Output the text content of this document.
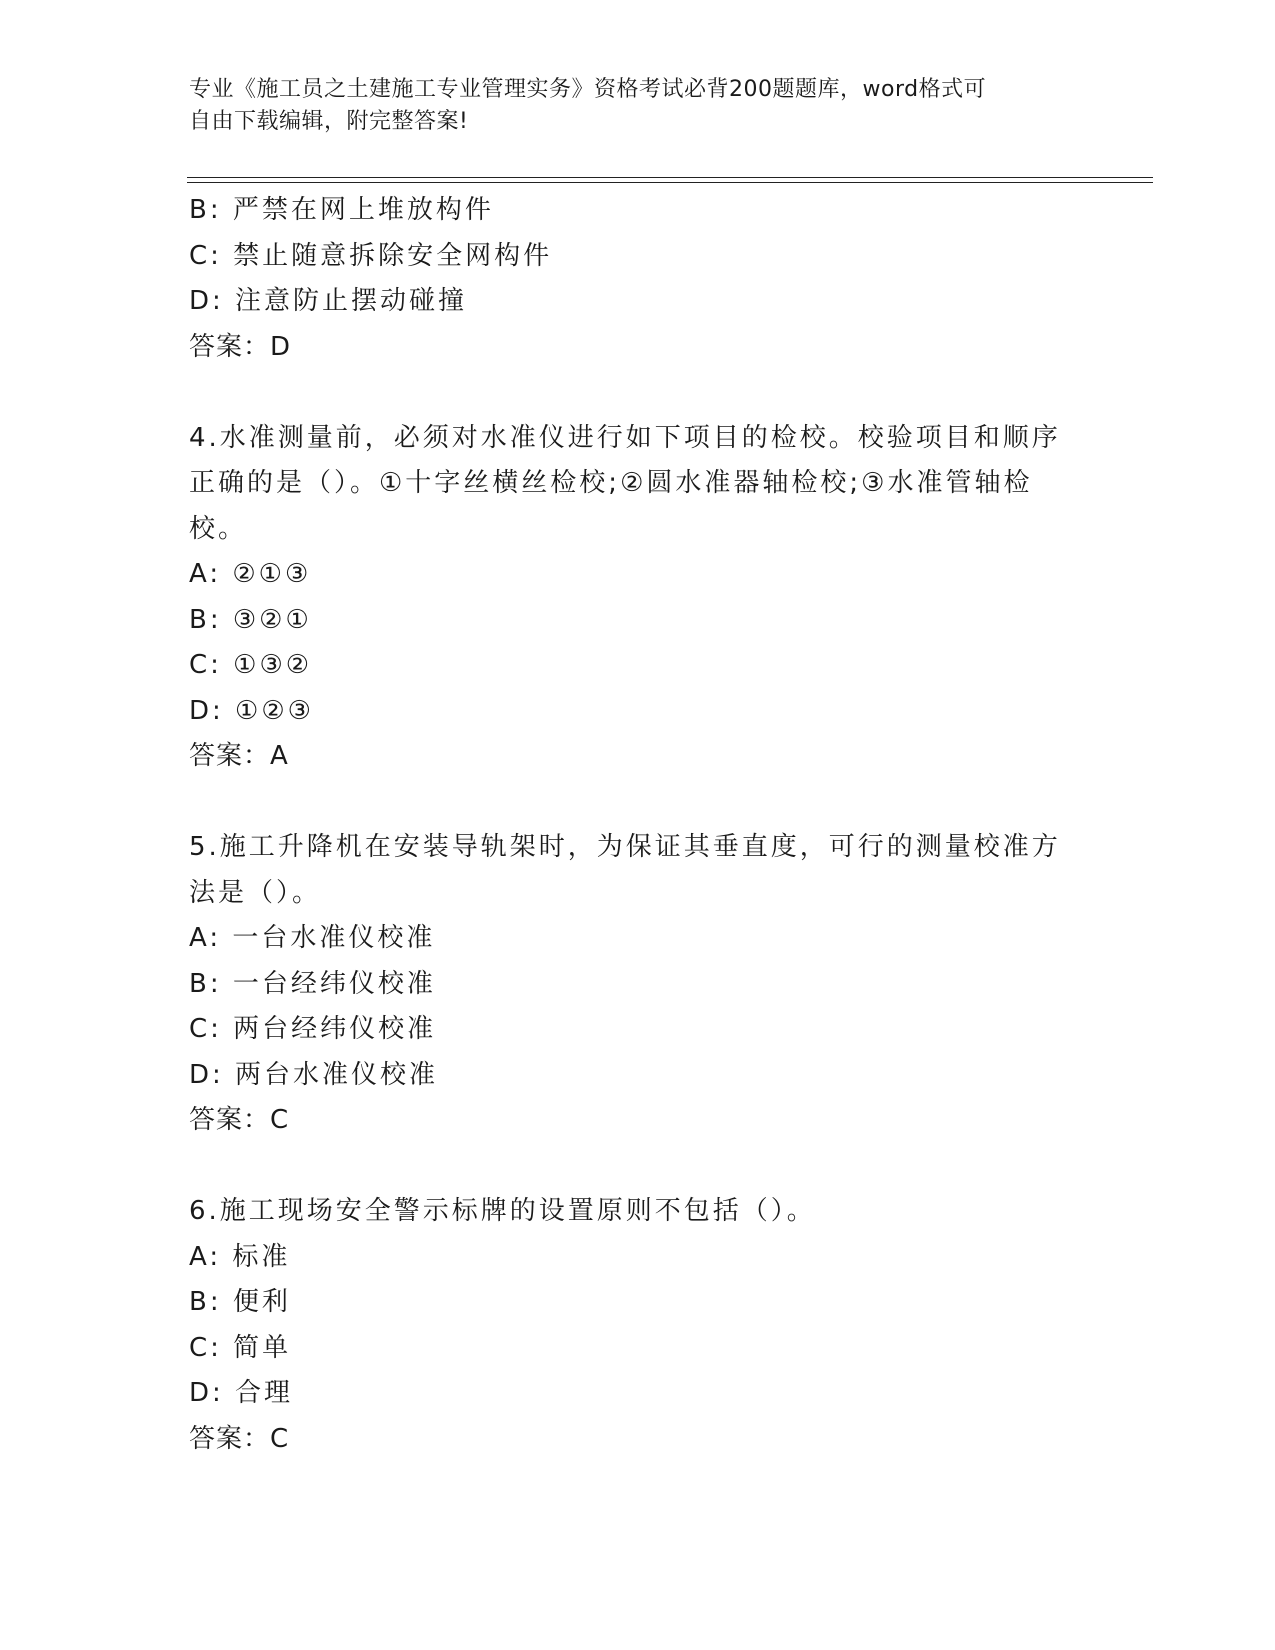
专业《施工员之土建施工专业管理实务》资格考试必背200题题库，word格式可
自由下载编辑，附完整答案!
B: 严禁在网上堆放构件
C: 禁止随意拆除安全网构件
D: 注意防止摆动碰撞
答案：D
4.水准测量前，必须对水准仪进行如下项目的检校。校验项目和顺序
正确的是（）。①十字丝横丝检校;②圆水准器轴检校;③水准管轴检
校。
A: ②①③
B: ③②①
C: ①③②
D: ①②③
答案：A
5.施工升降机在安装导轨架时，为保证其垂直度，可行的测量校准方
法是（）。
A: 一台水准仪校准
B: 一台经纬仪校准
C: 两台经纬仪校准
D: 两台水准仪校准
答案：C
6.施工现场安全警示标牌的设置原则不包括（）。
A: 标准
B: 便利
C: 简单
D: 合理
答案：C
